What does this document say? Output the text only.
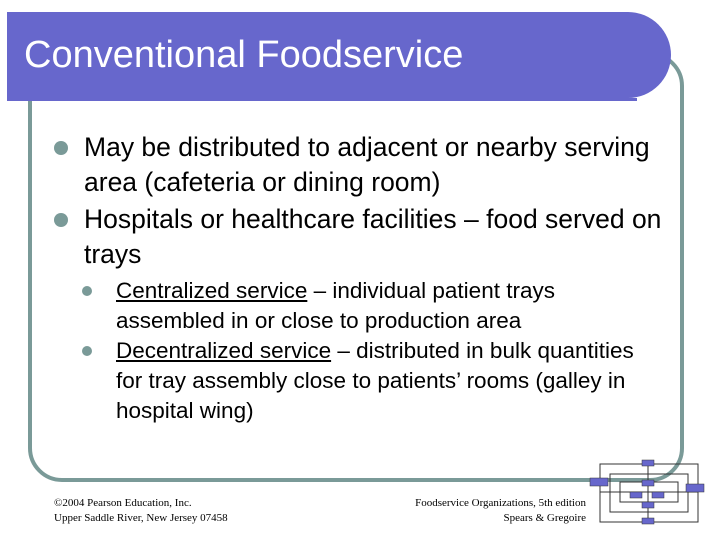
Conventional Foodservice
May be distributed to adjacent or nearby serving area (cafeteria or dining room)
Hospitals or healthcare facilities – food served on trays
Centralized service – individual patient trays assembled in or close to production area
Decentralized service – distributed in bulk quantities for tray assembly close to patients’ rooms (galley in hospital wing)
©2004 Pearson Education, Inc.
Upper Saddle River, New Jersey 07458
Foodservice Organizations, 5th edition
Spears & Gregoire
